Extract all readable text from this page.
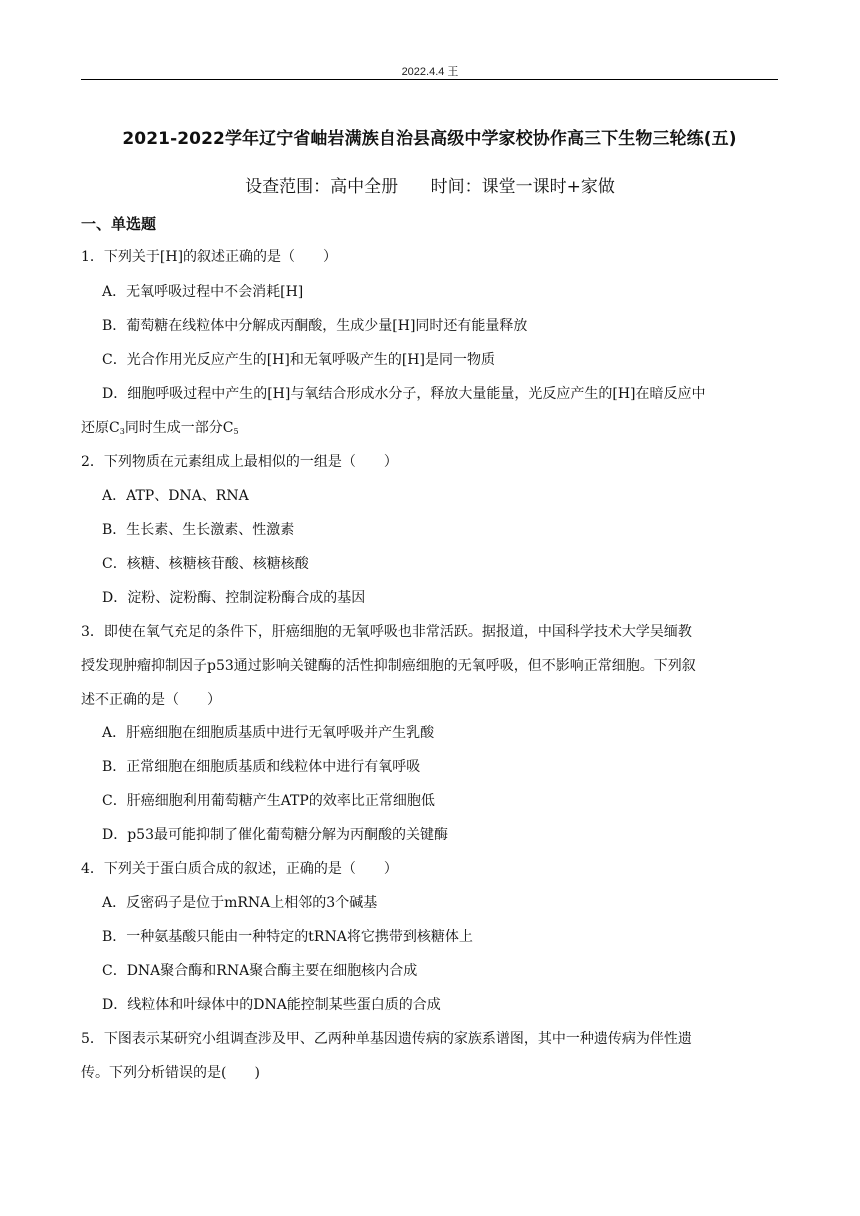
2022.4.4 王
2021-2022学年辽宁省岫岩满族自治县高级中学家校协作高三下生物三轮练(五)
设查范围：高中全册      时间：课堂一课时+家做
一、单选题
1．下列关于[H]的叙述正确的是（　　）
A．无氧呼吸过程中不会消耗[H]
B．葡萄糖在线粒体中分解成丙酮酸，生成少量[H]同时还有能量释放
C．光合作用光反应产生的[H]和无氧呼吸产生的[H]是同一物质
D．细胞呼吸过程中产生的[H]与氧结合形成水分子，释放大量能量，光反应产生的[H]在暗反应中
还原$C_3$同时生成一部分$C_5$
2．下列物质在元素组成上最相似的一组是（　　）
A．ATP、DNA、RNA
B．生长素、生长激素、性激素
C．核糖、核糖核苷酸、核糖核酸
D．淀粉、淀粉酶、控制淀粉酶合成的基因
3．即使在氧气充足的条件下，肝癌细胞的无氧呼吸也非常活跃。据报道，中国科学技术大学吴缅教
授发现肿瘤抑制因子p53通过影响关键酶的活性抑制癌细胞的无氧呼吸，但不影响正常细胞。下列叙
述不正确的是（　　）
A．肝癌细胞在细胞质基质中进行无氧呼吸并产生乳酸
B．正常细胞在细胞质基质和线粒体中进行有氧呼吸
C．肝癌细胞利用葡萄糖产生ATP的效率比正常细胞低
D．p53最可能抑制了催化葡萄糖分解为丙酮酸的关键酶
4．下列关于蛋白质合成的叙述，正确的是（　　）
A．反密码子是位于mRNA上相邻的3个碱基
B．一种氨基酸只能由一种特定的tRNA将它携带到核糖体上
C．DNA聚合酶和RNA聚合酶主要在细胞核内合成
D．线粒体和叶绿体中的DNA能控制某些蛋白质的合成
5．下图表示某研究小组调查涉及甲、乙两种单基因遗传病的家族系谱图，其中一种遗传病为伴性遗
传。下列分析错误的是(　　)
